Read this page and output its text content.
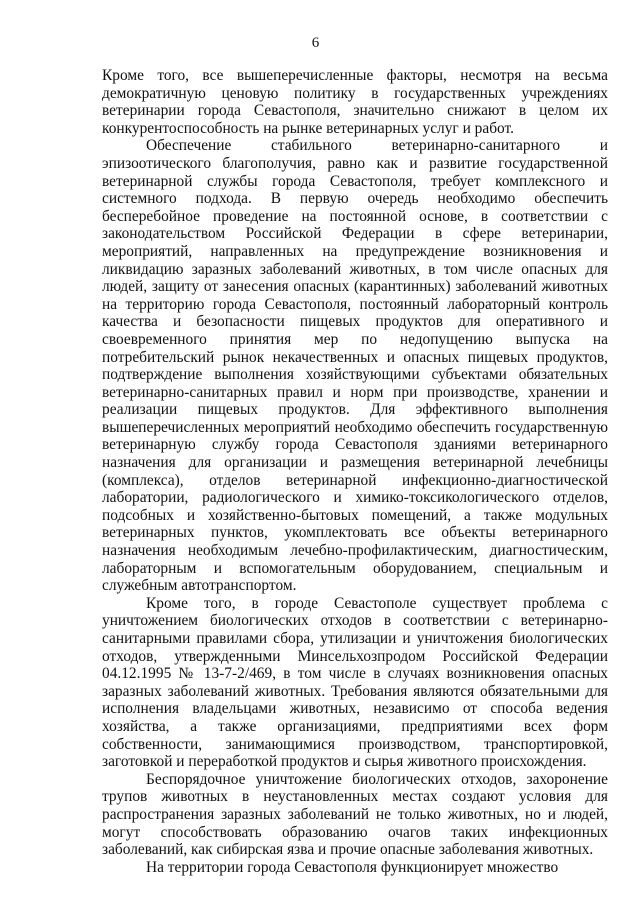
6

Кроме того, все вышеперечисленные факторы, несмотря на весьма демократичную ценовую политику в государственных учреждениях ветеринарии города Севастополя, значительно снижают в целом их конкурентоспособность на рынке ветеринарных услуг и работ.

Обеспечение стабильного ветеринарно-санитарного и эпизоотического благополучия, равно как и развитие государственной ветеринарной службы города Севастополя, требует комплексного и системного подхода. В первую очередь необходимо обеспечить бесперебойное проведение на постоянной основе, в соответствии с законодательством Российской Федерации в сфере ветеринарии, мероприятий, направленных на предупреждение возникновения и ликвидацию заразных заболеваний животных, в том числе опасных для людей, защиту от занесения опасных (карантинных) заболеваний животных на территорию города Севастополя, постоянный лабораторный контроль качества и безопасности пищевых продуктов для оперативного и своевременного принятия мер по недопущению выпуска на потребительский рынок некачественных и опасных пищевых продуктов, подтверждение выполнения хозяйствующими субъектами обязательных ветеринарно-санитарных правил и норм при производстве, хранении и реализации пищевых продуктов. Для эффективного выполнения вышеперечисленных мероприятий необходимо обеспечить государственную ветеринарную службу города Севастополя зданиями ветеринарного назначения для организации и размещения ветеринарной лечебницы (комплекса), отделов ветеринарной инфекционно-диагностической лаборатории, радиологического и химико-токсикологического отделов, подсобных и хозяйственно-бытовых помещений, а также модульных ветеринарных пунктов, укомплектовать все объекты ветеринарного назначения необходимым лечебно-профилактическим, диагностическим, лабораторным и вспомогательным оборудованием, специальным и служебным автотранспортом.

Кроме того, в городе Севастополе существует проблема с уничтожением биологических отходов в соответствии с ветеринарно-санитарными правилами сбора, утилизации и уничтожения биологических отходов, утвержденными Минсельхозпродом Российской Федерации 04.12.1995 № 13-7-2/469, в том числе в случаях возникновения опасных заразных заболеваний животных. Требования являются обязательными для исполнения владельцами животных, независимо от способа ведения хозяйства, а также организациями, предприятиями всех форм собственности, занимающимися производством, транспортировкой, заготовкой и переработкой продуктов и сырья животного происхождения.

Беспорядочное уничтожение биологических отходов, захоронение трупов животных в неустановленных местах создают условия для распространения заразных заболеваний не только животных, но и людей, могут способствовать образованию очагов таких инфекционных заболеваний, как сибирская язва и прочие опасные заболевания животных.

На территории города Севастополя функционирует множество
